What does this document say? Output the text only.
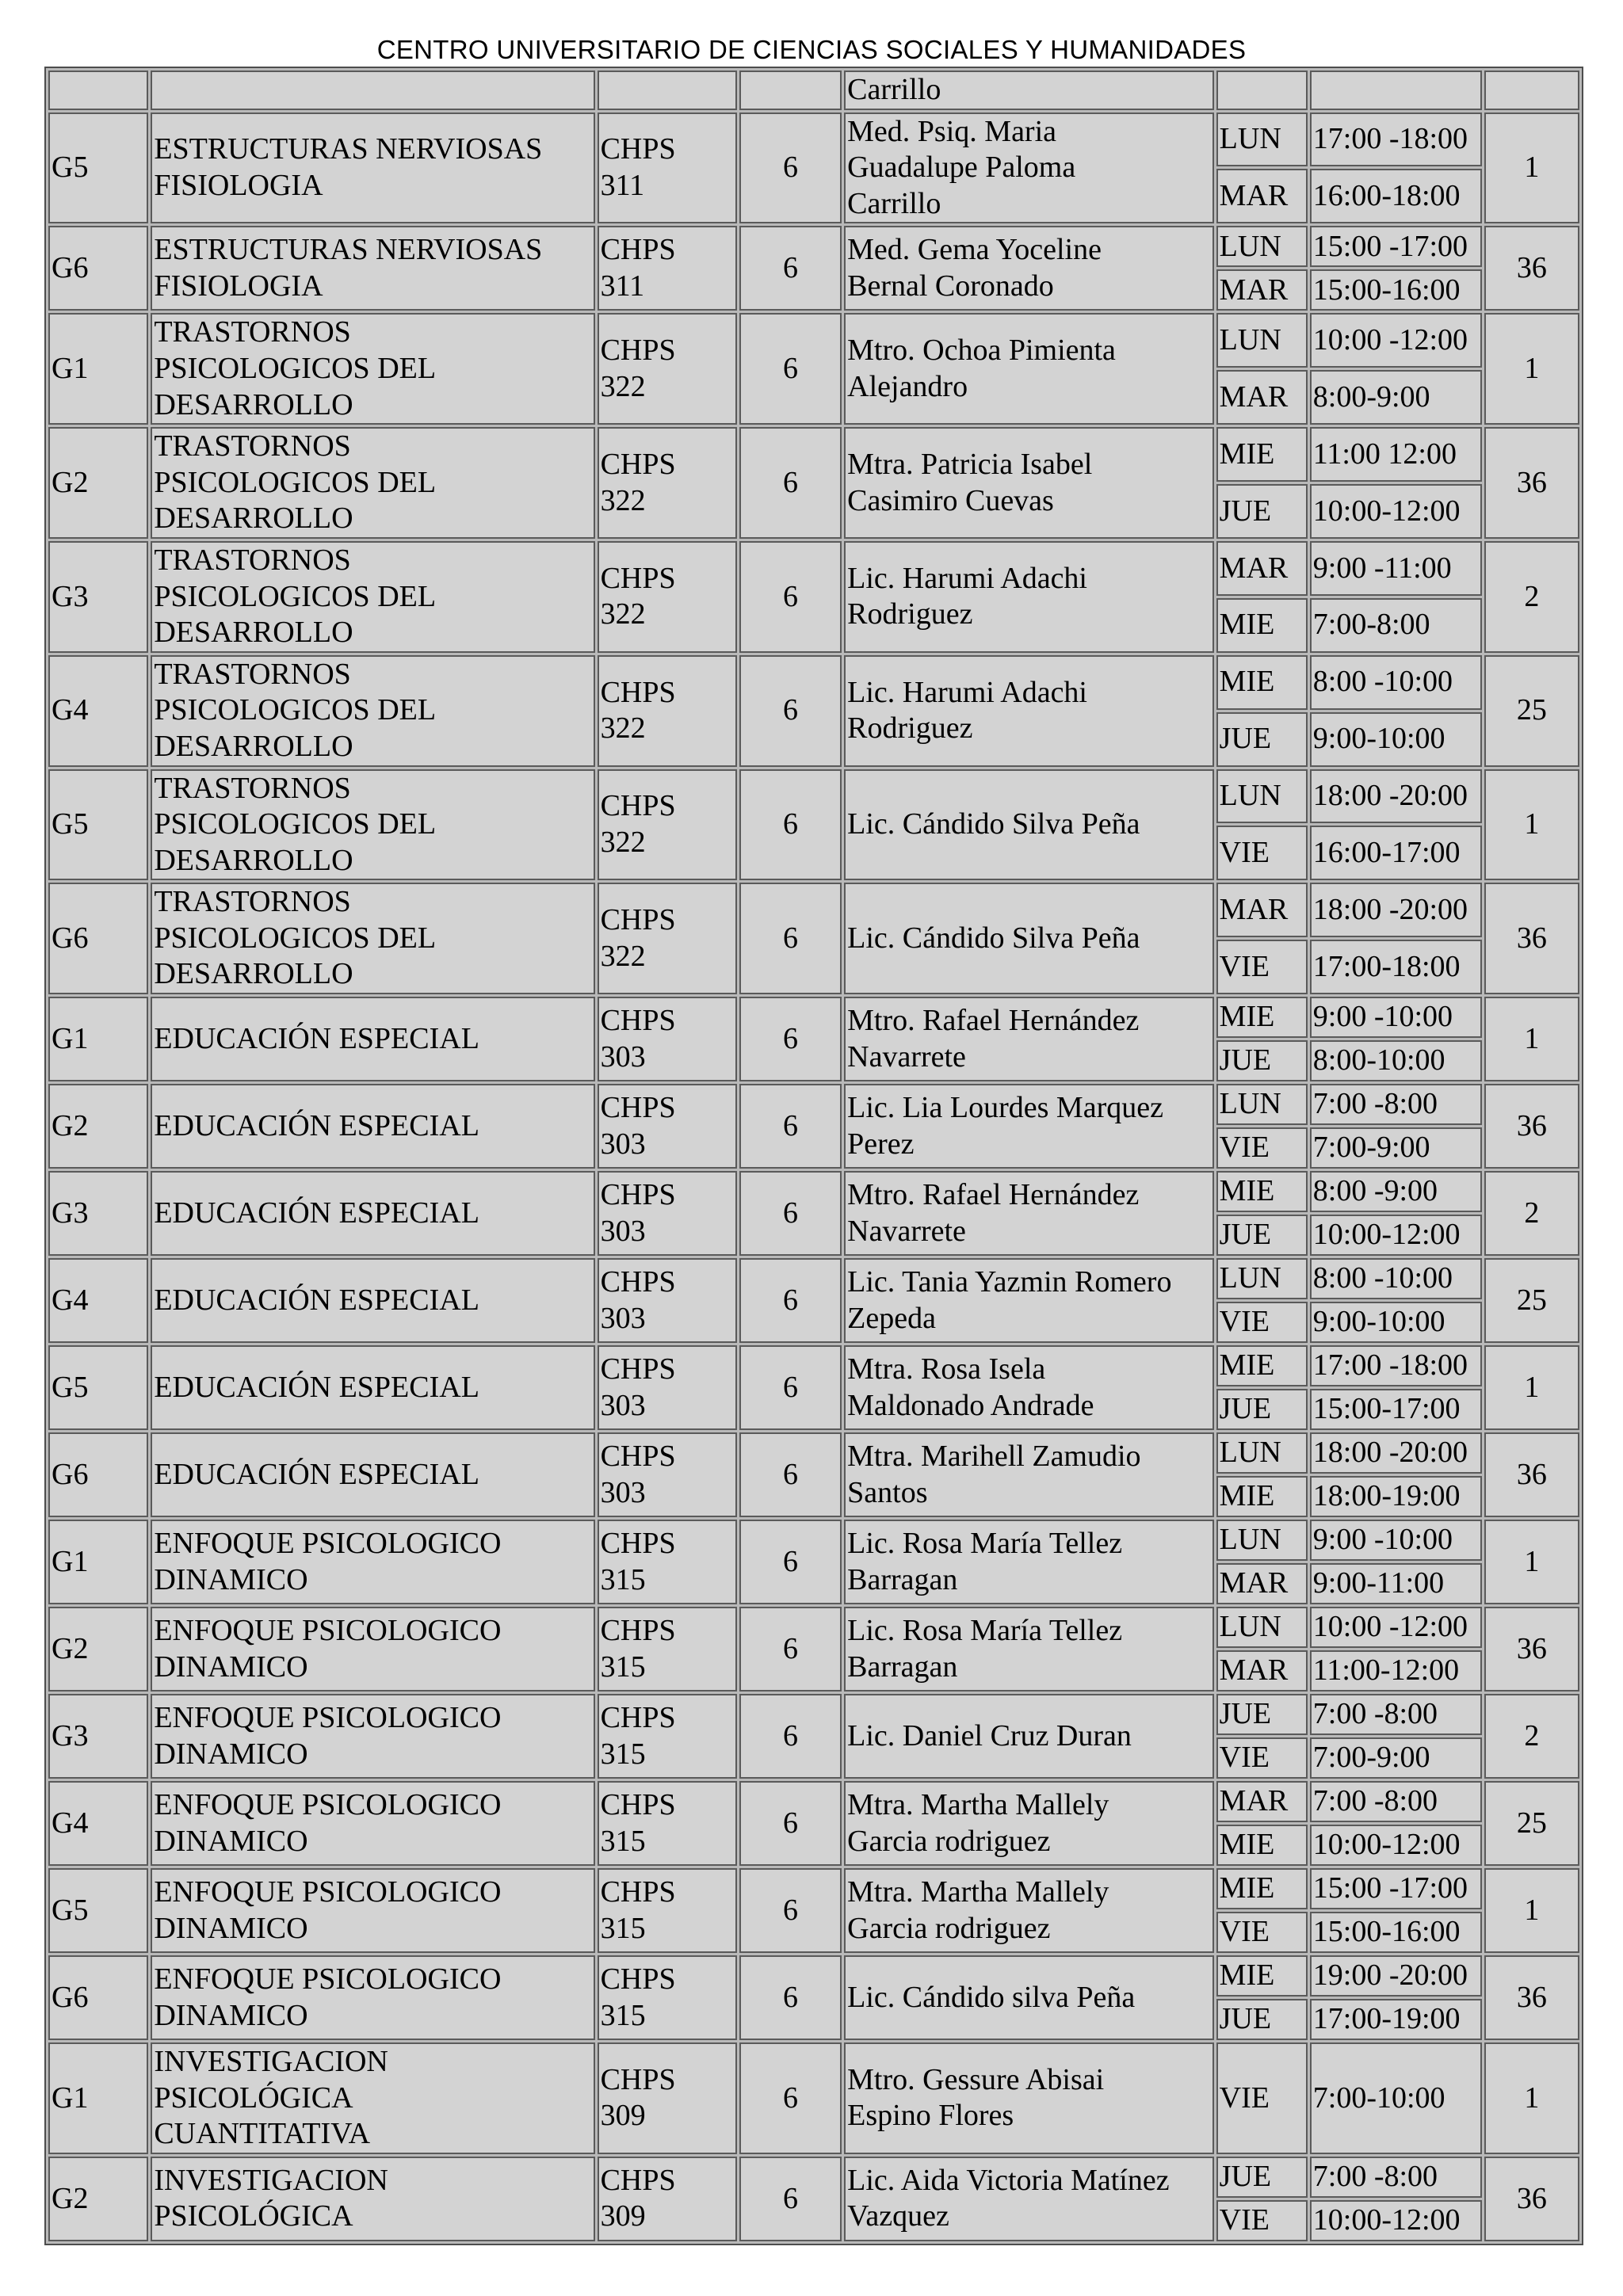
CENTRO UNIVERSITARIO DE CIENCIAS SOCIALES Y HUMANIDADES
				Carrillo			
G5	ESTRUCTURAS NERVIOSAS
FISIOLOGIA	CHPS
311	6	Med. Psiq. Maria
Guadalupe Paloma
Carrillo	LUN	17:00 -18:00	1
					MAR	16:00-18:00	
G6	ESTRUCTURAS NERVIOSAS
FISIOLOGIA	CHPS
311	6	Med. Gema Yoceline
Bernal Coronado	LUN	15:00 -17:00	36
					MAR	15:00-16:00	
G1	TRASTORNOS
PSICOLOGICOS DEL
DESARROLLO	CHPS
322	6	Mtro. Ochoa Pimienta
Alejandro	LUN	10:00 -12:00	1
					MAR	8:00-9:00	
G2	TRASTORNOS
PSICOLOGICOS DEL
DESARROLLO	CHPS
322	6	Mtra. Patricia Isabel
Casimiro Cuevas	MIE	11:00 12:00	36
					JUE	10:00-12:00	
G3	TRASTORNOS
PSICOLOGICOS DEL
DESARROLLO	CHPS
322	6	Lic. Harumi Adachi
Rodriguez	MAR	9:00 -11:00	2
					MIE	7:00-8:00	
G4	TRASTORNOS
PSICOLOGICOS DEL
DESARROLLO	CHPS
322	6	Lic. Harumi Adachi
Rodriguez	MIE	8:00 -10:00	25
					JUE	9:00-10:00	
G5	TRASTORNOS
PSICOLOGICOS DEL
DESARROLLO	CHPS
322	6	Lic. Cándido Silva Peña	LUN	18:00 -20:00	1
					VIE	16:00-17:00	
G6	TRASTORNOS
PSICOLOGICOS DEL
DESARROLLO	CHPS
322	6	Lic. Cándido Silva Peña	MAR	18:00 -20:00	36
					VIE	17:00-18:00	
G1	EDUCACIÓN ESPECIAL	CHPS
303	6	Mtro. Rafael Hernández
Navarrete	MIE	9:00 -10:00	1
					JUE	8:00-10:00	
G2	EDUCACIÓN ESPECIAL	CHPS
303	6	Lic. Lia Lourdes Marquez
Perez	LUN	7:00 -8:00	36
					VIE	7:00-9:00	
G3	EDUCACIÓN ESPECIAL	CHPS
303	6	Mtro. Rafael Hernández
Navarrete	MIE	8:00 -9:00	2
					JUE	10:00-12:00	
G4	EDUCACIÓN ESPECIAL	CHPS
303	6	Lic. Tania Yazmin Romero
Zepeda	LUN	8:00 -10:00	25
					VIE	9:00-10:00	
G5	EDUCACIÓN ESPECIAL	CHPS
303	6	Mtra. Rosa Isela
Maldonado Andrade	MIE	17:00 -18:00	1
					JUE	15:00-17:00	
G6	EDUCACIÓN ESPECIAL	CHPS
303	6	Mtra. Marihell Zamudio
Santos	LUN	18:00 -20:00	36
					MIE	18:00-19:00	
G1	ENFOQUE PSICOLOGICO
DINAMICO	CHPS
315	6	Lic. Rosa María Tellez
Barragan	LUN	9:00 -10:00	1
					MAR	9:00-11:00	
G2	ENFOQUE PSICOLOGICO
DINAMICO	CHPS
315	6	Lic. Rosa María Tellez
Barragan	LUN	10:00 -12:00	36
					MAR	11:00-12:00	
G3	ENFOQUE PSICOLOGICO
DINAMICO	CHPS
315	6	Lic. Daniel Cruz Duran	JUE	7:00 -8:00	2
					VIE	7:00-9:00	
G4	ENFOQUE PSICOLOGICO
DINAMICO	CHPS
315	6	Mtra. Martha Mallely
Garcia rodriguez	MAR	7:00 -8:00	25
					MIE	10:00-12:00	
G5	ENFOQUE PSICOLOGICO
DINAMICO	CHPS
315	6	Mtra. Martha Mallely
Garcia rodriguez	MIE	15:00 -17:00	1
					VIE	15:00-16:00	
G6	ENFOQUE PSICOLOGICO
DINAMICO	CHPS
315	6	Lic. Cándido silva Peña	MIE	19:00 -20:00	36
					JUE	17:00-19:00	
G1	INVESTIGACION
PSICOLÓGICA
CUANTITATIVA	CHPS
309	6	Mtro. Gessure Abisai
Espino Flores	VIE	7:00-10:00	1
G2	INVESTIGACION
PSICOLÓGICA	CHPS
309	6	Lic. Aida Victoria Matínez
Vazquez	JUE	7:00 -8:00	36
					VIE	10:00-12:00	
